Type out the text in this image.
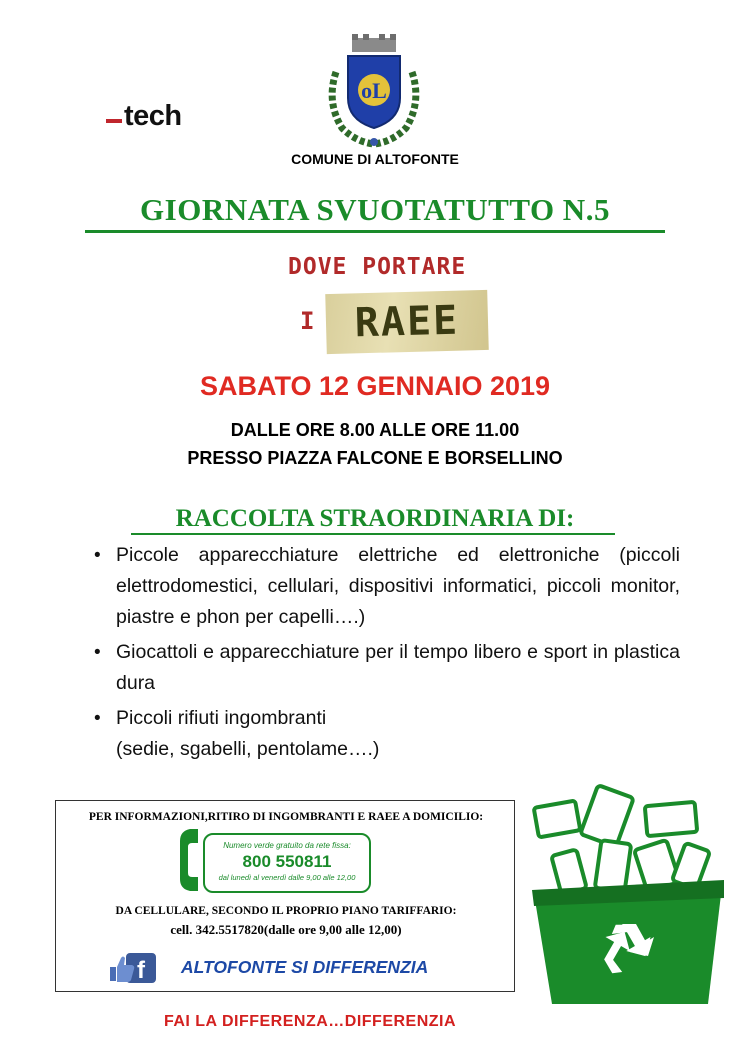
tech
oL
COMUNE DI ALTOFONTE
GIORNATA SVUOTATUTTO N.5
DOVE PORTARE
I RAEE
SABATO 12 GENNAIO 2019
DALLE ORE 8.00 ALLE ORE 11.00
PRESSO PIAZZA FALCONE E BORSELLINO
RACCOLTA STRAORDINARIA DI:
• Piccole apparecchiature elettriche ed elettroniche (piccoli elettrodomestici, cellulari, dispositivi informatici, piccoli monitor, piastre e phon per capelli….)
• Giocattoli e apparecchiature per il tempo libero e sport in plastica dura
• Piccoli rifiuti ingombranti
(sedie, sgabelli, pentolame….)
PER INFORMAZIONI,RITIRO DI INGOMBRANTI E RAEE A DOMICILIO:
Numero verde gratuito da rete fissa:
800 550811
dal lunedì al venerdì dalle 9,00 alle 12,00
DA CELLULARE, SECONDO IL PROPRIO PIANO TARIFFARIO:
cell. 342.5517820(dalle ore 9,00 alle 12,00)
f ALTOFONTE SI DIFFERENZIA
FAI LA DIFFERENZA…DIFFERENZIA
